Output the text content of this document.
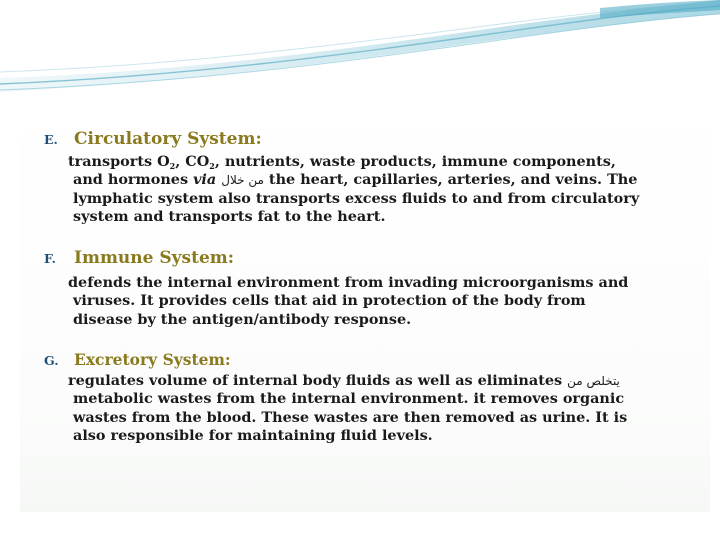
E. Circulatory System:
transports $O_2$, $CO_2$, nutrients, waste products, immune components,
and hormones via من خلال the heart, capillaries, arteries, and veins. The
lymphatic system also transports excess fluids to and from circulatory
system and transports fat to the heart.
F. Immune System:
defends the internal environment from invading microorganisms and
viruses. It provides cells that aid in protection of the body from
disease by the antigen/antibody response.
G. Excretory System:
regulates volume of internal body fluids as well as eliminates يتخلص من
metabolic wastes from the internal environment. it removes organic
wastes from the blood. These wastes are then removed as urine. It is
also responsible for maintaining fluid levels.
